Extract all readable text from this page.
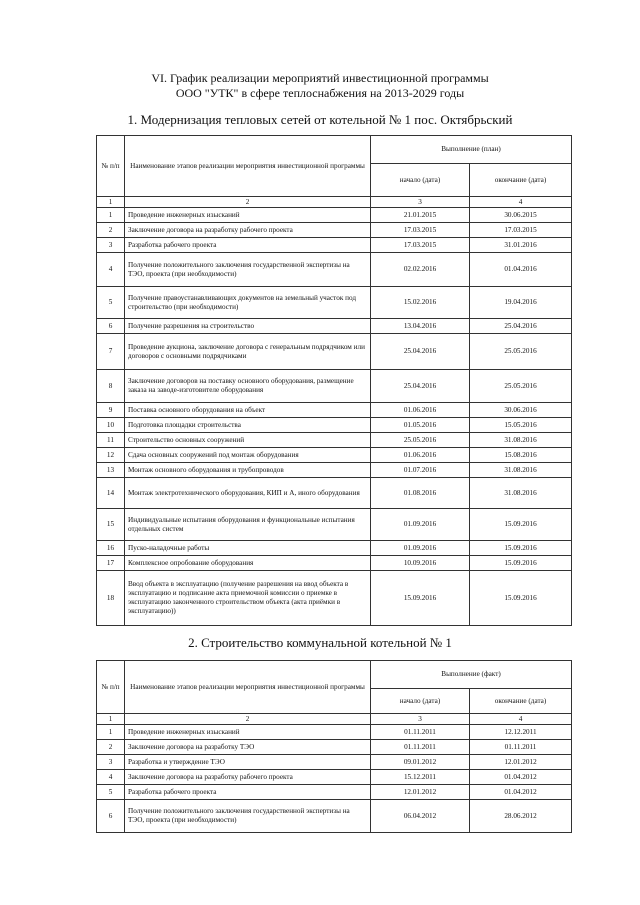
VI. График реализации мероприятий инвестиционной программы
ООО "УТК" в сфере теплоснабжения на 2013-2029 годы
1. Модернизация тепловых сетей от котельной № 1 пос. Октябрьский
№ п/п	Наименование этапов реализации мероприятия инвестиционной программы	Выполнение (план)	
		начало (дата)	окончание (дата)
1	2	3	4
1	Проведение инженерных изысканий	21.01.2015	30.06.2015
2	Заключение договора на разработку рабочего проекта	17.03.2015	17.03.2015
3	Разработка рабочего проекта	17.03.2015	31.01.2016
4	Получение положительного заключения государственной экспертизы на ТЭО, проекта (при необходимости)	02.02.2016	01.04.2016
5	Получение правоустанавливающих документов на земельный участок под строительство (при необходимости)	15.02.2016	19.04.2016
6	Получение разрешения на строительство	13.04.2016	25.04.2016
7	Проведение аукциона, заключение договора с генеральным подрядчиком или договоров с основными подрядчиками	25.04.2016	25.05.2016
8	Заключение договоров на поставку основного оборудования, размещение заказа на заводе-изготовителе оборудования	25.04.2016	25.05.2016
9	Поставка основного оборудования на объект	01.06.2016	30.06.2016
10	Подготовка площадки строительства	01.05.2016	15.05.2016
11	Строительство основных сооружений	25.05.2016	31.08.2016
12	Сдача основных сооружений под монтаж оборудования	01.06.2016	15.08.2016
13	Монтаж основного оборудования и трубопроводов	01.07.2016	31.08.2016
14	Монтаж электротехнического оборудования, КИП и А, иного оборудования	01.08.2016	31.08.2016
15	Индивидуальные испытания оборудования и функциональные испытания отдельных систем	01.09.2016	15.09.2016
16	Пуско-наладочные работы	01.09.2016	15.09.2016
17	Комплексное опробование оборудования	10.09.2016	15.09.2016
18	Ввод объекта в эксплуатацию (получение разрешения на ввод объекта в эксплуатацию и подписание акта приемочной комиссии о приемке в эксплуатацию законченного строительством объекта (акта приёмки в эксплуатацию))	15.09.2016	15.09.2016
2. Строительство коммунальной котельной № 1
№ п/п	Наименование этапов реализации мероприятия инвестиционной программы	Выполнение (факт)	
		начало (дата)	окончание (дата)
1	2	3	4
1	Проведение инженерных изысканий	01.11.2011	12.12.2011
2	Заключение договора на разработку ТЭО	01.11.2011	01.11.2011
3	Разработка и утверждение ТЭО	09.01.2012	12.01.2012
4	Заключение договора на разработку рабочего проекта	15.12.2011	01.04.2012
5	Разработка рабочего проекта	12.01.2012	01.04.2012
6	Получение положительного заключения государственной экспертизы на ТЭО, проекта (при необходимости)	06.04.2012	28.06.2012
